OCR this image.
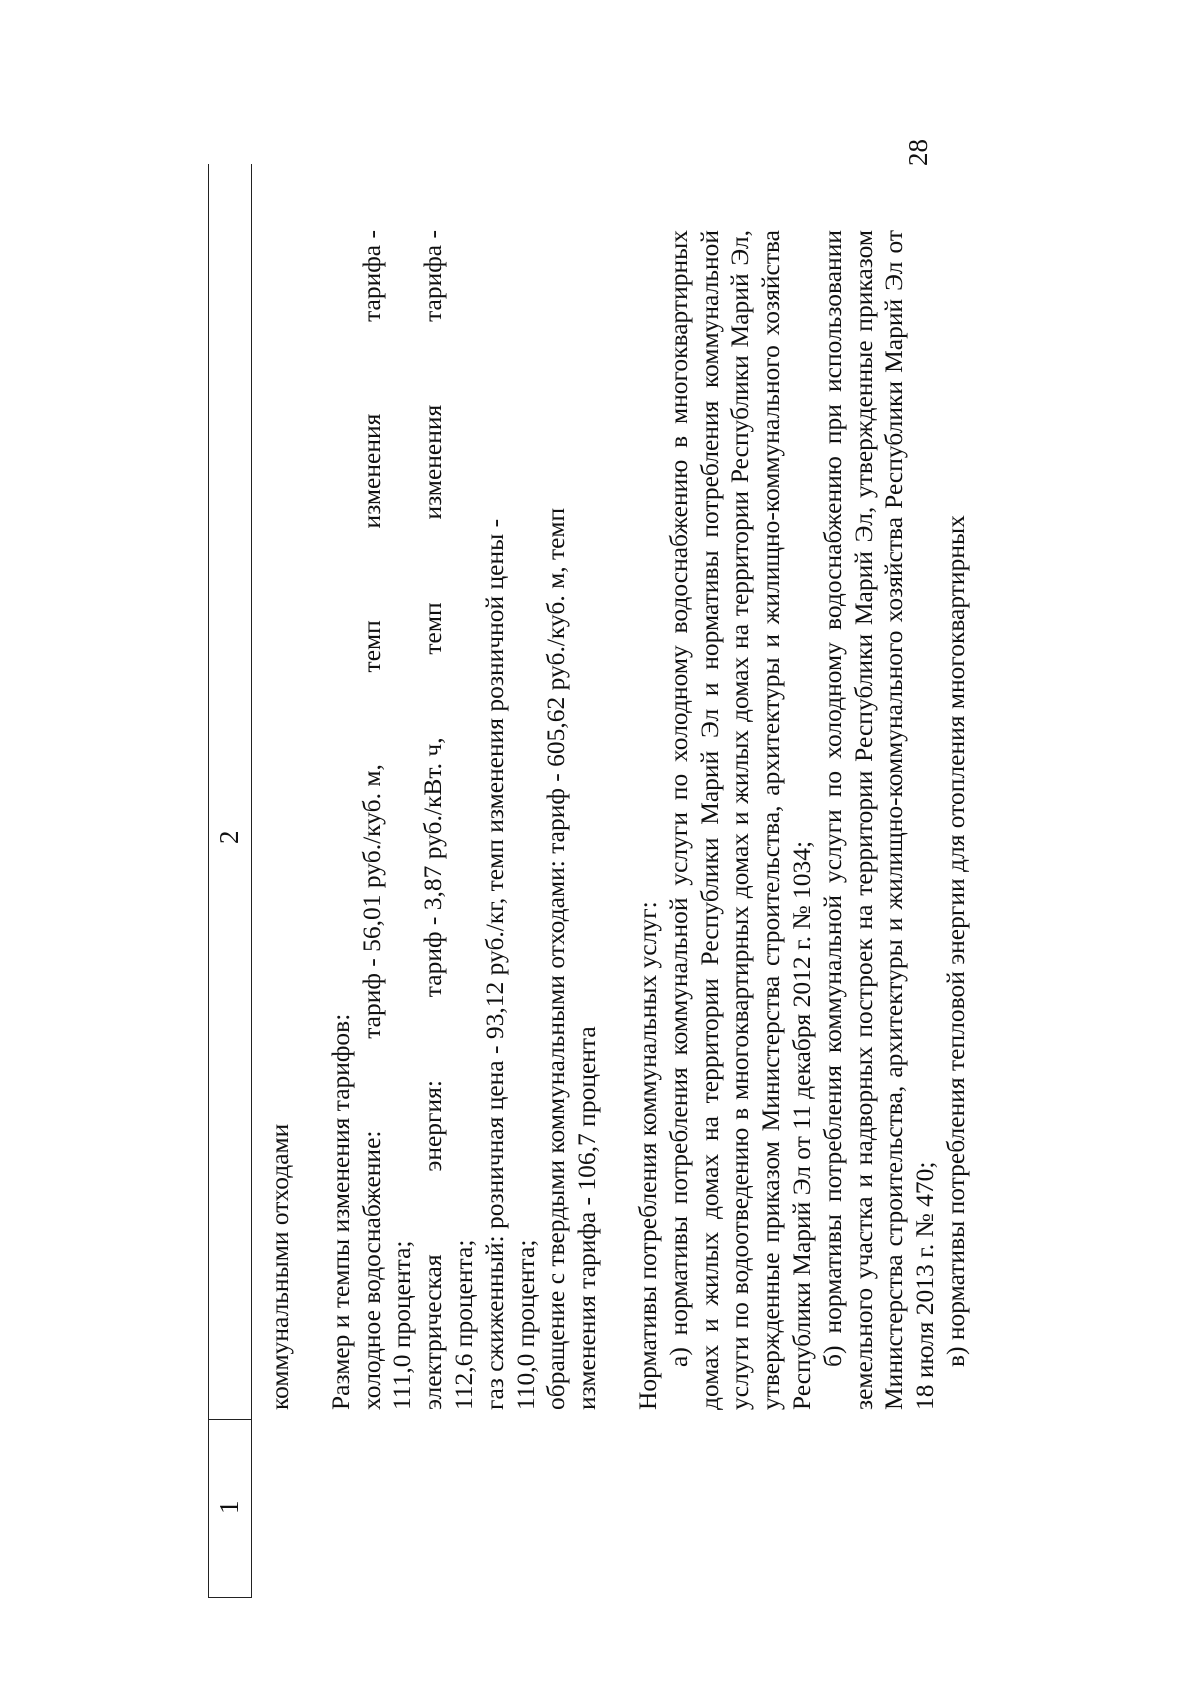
28
1
2

коммунальными отходами Размер и темпы изменения тарифов: холодное водоснабжение:
тариф - 56,01 руб./куб. м,
темп
изменения
тарифа -

111,0 процента; электрическая
энергия:
тариф - 3,87 руб./кВт. ч,
темп
изменения
тарифа -

112,6 процента; газ сжиженный: розничная цена - 93,12 руб./кг, темп изменения розничной цены - 110,0 процента; обращение с твердыми коммунальными отходами: тариф - 605,62 руб./куб. м, темп изменения тарифа - 106,7 процента Нормативы потребления коммунальных услуг: а) нормативы потребления коммунальной услуги по холодному водоснабжению в многоквартирных домах и жилых домах на территории Республики Марий Эл и нормативы потребления коммунальной услуги по водоотведению в многоквартирных домах и жилых домах на территории Республики Марий Эл, утвержденные приказом Министерства строительства, архитектуры и жилищно-коммунального хозяйства Республики Марий Эл от 11 декабря 2012 г. № 1034; б) нормативы потребления коммунальной услуги по холодному водоснабжению при использовании земельного участка и надворных построек на территории Республики Марий Эл, утвержденные приказом Министерства строительства, архитектуры и жилищно-коммунального хозяйства Республики Марий Эл от 18 июля 2013 г. № 470; в) нормативы потребления тепловой энергии для отопления многоквартирных
